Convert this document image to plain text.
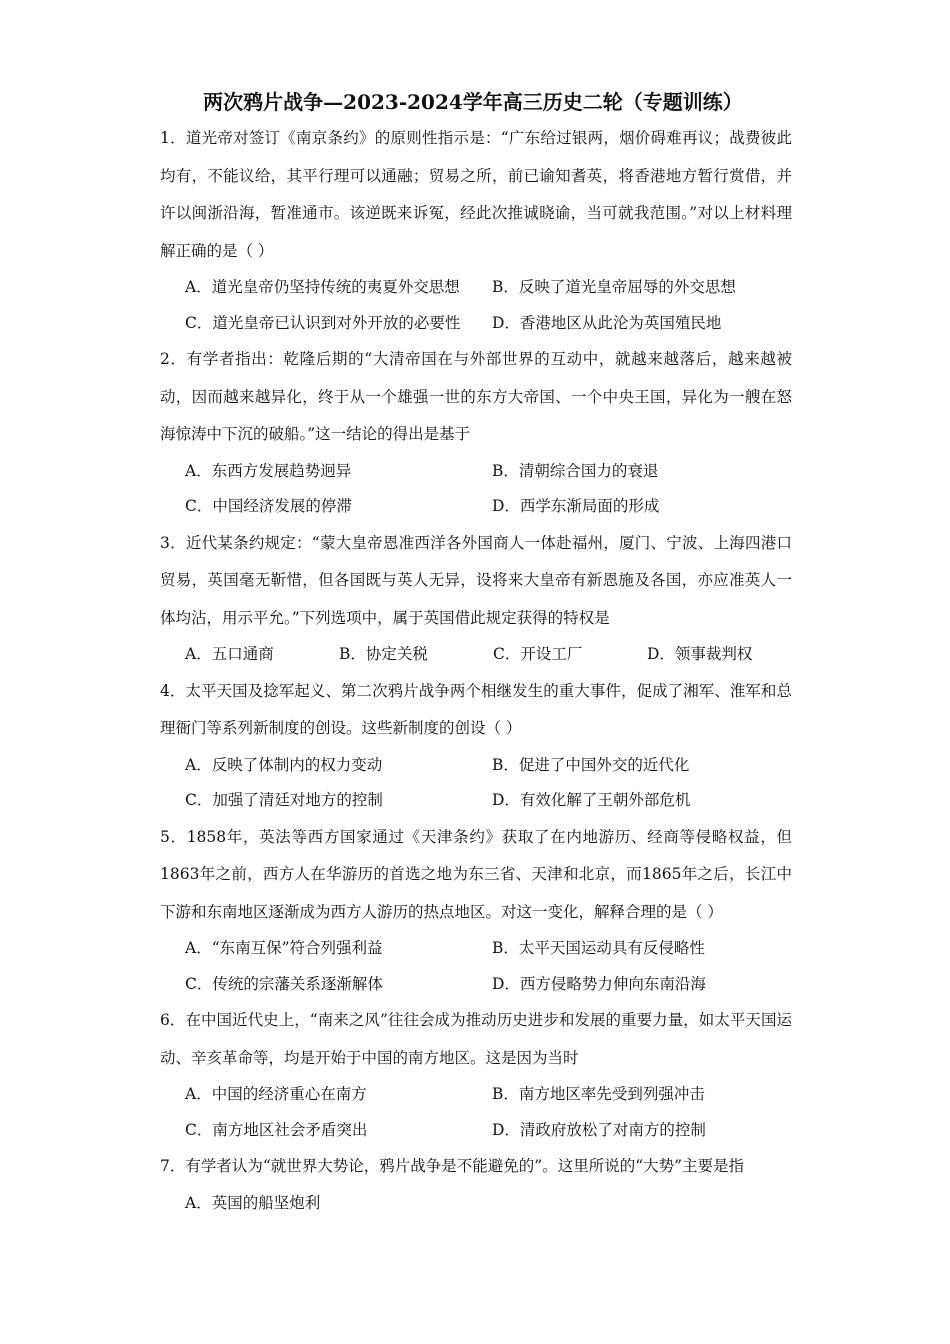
两次鸦片战争—2023-2024学年高三历史二轮（专题训练）

1．道光帝对签订《南京条约》的原则性指示是：“广东给过银两，烟价碍难再议；战费彼此均有，不能议给，其平行理可以通融；贸易之所，前已谕知耆英，将香港地方暂行赏借，并许以闽浙沿海，暂准通市。该逆既来诉冤，经此次推诚晓谕，当可就我范围。”对以上材料理解正确的是（ ）

A．道光皇帝仍坚持传统的夷夏外交思想	B．反映了道光皇帝屈辱的外交思想
C．道光皇帝已认识到对外开放的必要性	D．香港地区从此沦为英国殖民地

2．有学者指出：乾隆后期的“大清帝国在与外部世界的互动中，就越来越落后，越来越被动，因而越来越异化，终于从一个雄强一世的东方大帝国、一个中央王国，异化为一艘在怒海惊涛中下沉的破船。”这一结论的得出是基于

A．东西方发展趋势迥异	B．清朝综合国力的衰退
C．中国经济发展的停滞	D．西学东渐局面的形成

3．近代某条约规定：“蒙大皇帝恩准西洋各外国商人一体赴福州，厦门、宁波、上海四港口贸易，英国毫无靳惜，但各国既与英人无异，设将来大皇帝有新恩施及各国，亦应准英人一体均沾，用示平允。”下列选项中，属于英国借此规定获得的特权是

A．五口通商	B．协定关税	C．开设工厂	D．领事裁判权

4．太平天国及捻军起义、第二次鸦片战争两个相继发生的重大事件，促成了湘军、淮军和总理衙门等系列新制度的创设。这些新制度的创设（ ）

A．反映了体制内的权力变动	B．促进了中国外交的近代化
C．加强了清廷对地方的控制	D．有效化解了王朝外部危机

5．1858年，英法等西方国家通过《天津条约》获取了在内地游历、经商等侵略权益，但1863年之前，西方人在华游历的首选之地为东三省、天津和北京，而1865年之后，长江中下游和东南地区逐渐成为西方人游历的热点地区。对这一变化，解释合理的是（ ）

A．“东南互保”符合列强利益	B．太平天国运动具有反侵略性
C．传统的宗藩关系逐渐解体	D．西方侵略势力伸向东南沿海

6．在中国近代史上，“南来之风”往往会成为推动历史进步和发展的重要力量，如太平天国运动、辛亥革命等，均是开始于中国的南方地区。这是因为当时

A．中国的经济重心在南方	B．南方地区率先受到列强冲击
C．南方地区社会矛盾突出	D．清政府放松了对南方的控制

7．有学者认为“就世界大势论，鸦片战争是不能避免的”。这里所说的“大势”主要是指

A．英国的船坚炮利
